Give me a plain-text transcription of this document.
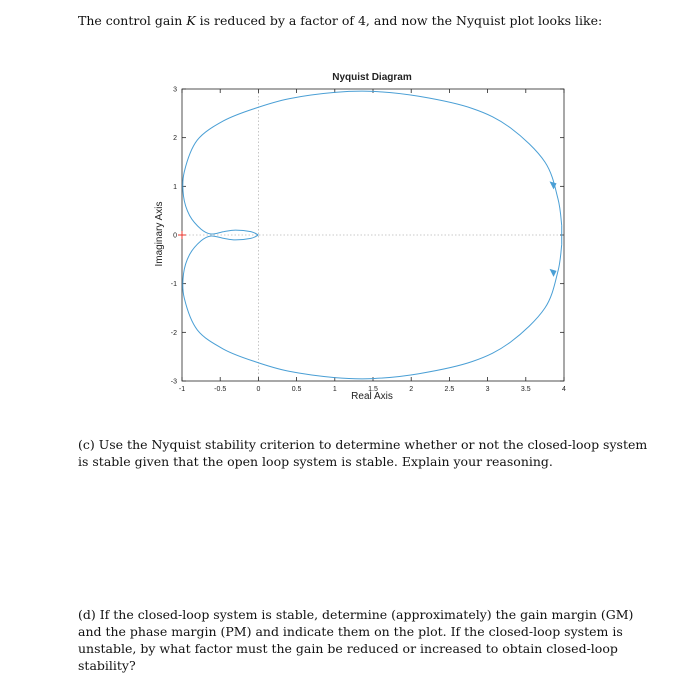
The control gain K is reduced by a factor of 4, and now the Nyquist plot looks like:
-1	-0.5	0	0.5	1	1.5	2	2.5	3	3.5	4
-3
-2
-1
0
1
2
3
Nyquist Diagram
Real Axis
Imaginary Axis
(c) Use the Nyquist stability criterion to determine whether or not the closed-loop system is stable given that the open loop system is stable. Explain your reasoning.
(d) If the closed-loop system is stable, determine (approximately) the gain margin (GM) and the phase margin (PM) and indicate them on the plot. If the closed-loop system is unstable, by what factor must the gain be reduced or increased to obtain closed-loop stability?
